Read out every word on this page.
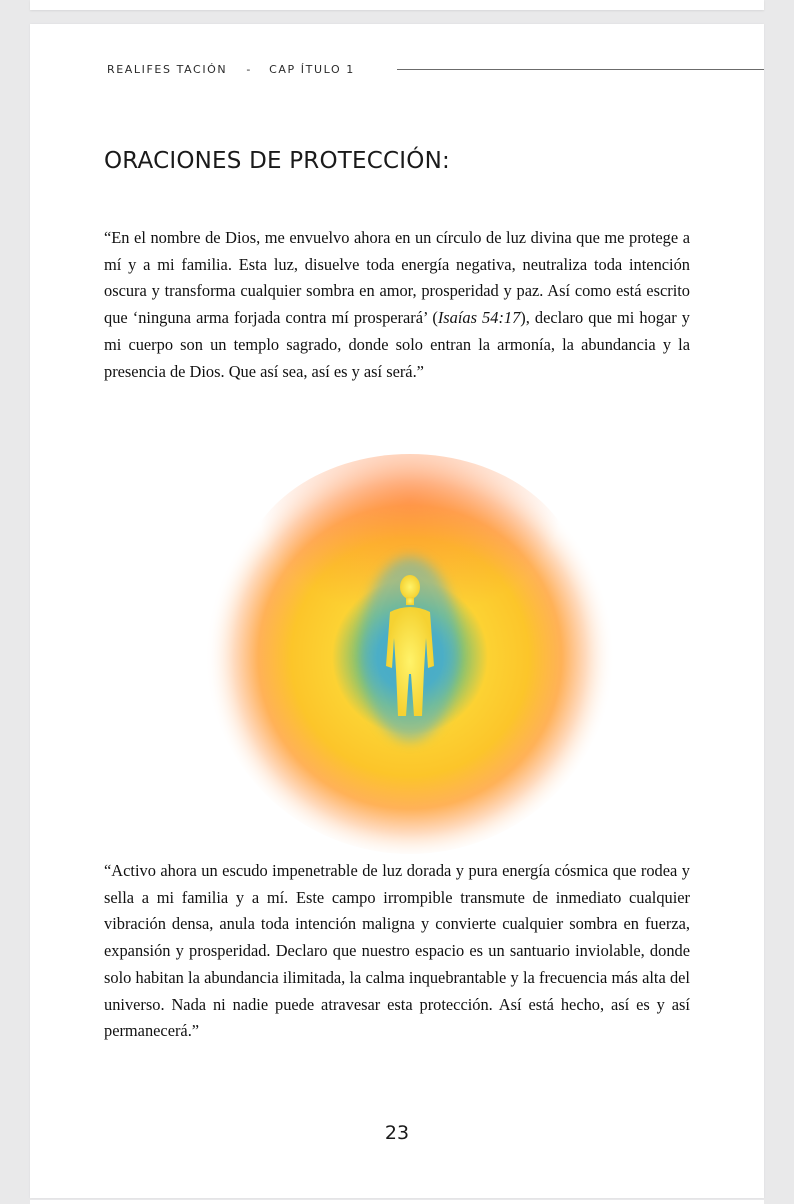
REALIFES TACIÓN - CAP ÍTULO 1
ORACIONES DE PROTECCIÓN:

“En el nombre de Dios, me envuelvo ahora en un círculo de luz divina que me protege a mí y a mi familia. Esta luz, disuelve toda energía negativa, neutraliza toda intención oscura y transforma cualquier sombra en amor, prosperidad y paz. Así como está escrito que ‘ninguna arma forjada contra mí prosperará’ (Isaías 54:17), declaro que mi hogar y mi cuerpo son un templo sagrado, donde solo entran la armonía, la abundancia y la presencia de Dios. Que así sea, así es y así será.”

“Activo ahora un escudo impenetrable de luz dorada y pura energía cósmica que rodea y sella a mi familia y a mí. Este campo irrompible transmute de inmediato cualquier vibración densa, anula toda intención maligna y convierte cualquier sombra en fuerza, expansión y prosperidad. Declaro que nuestro espacio es un santuario inviolable, donde solo habitan la abundancia ilimitada, la calma inquebrantable y la frecuencia más alta del universo. Nada ni nadie puede atravesar esta protección. Así está hecho, así es y así permanecerá.”

23
